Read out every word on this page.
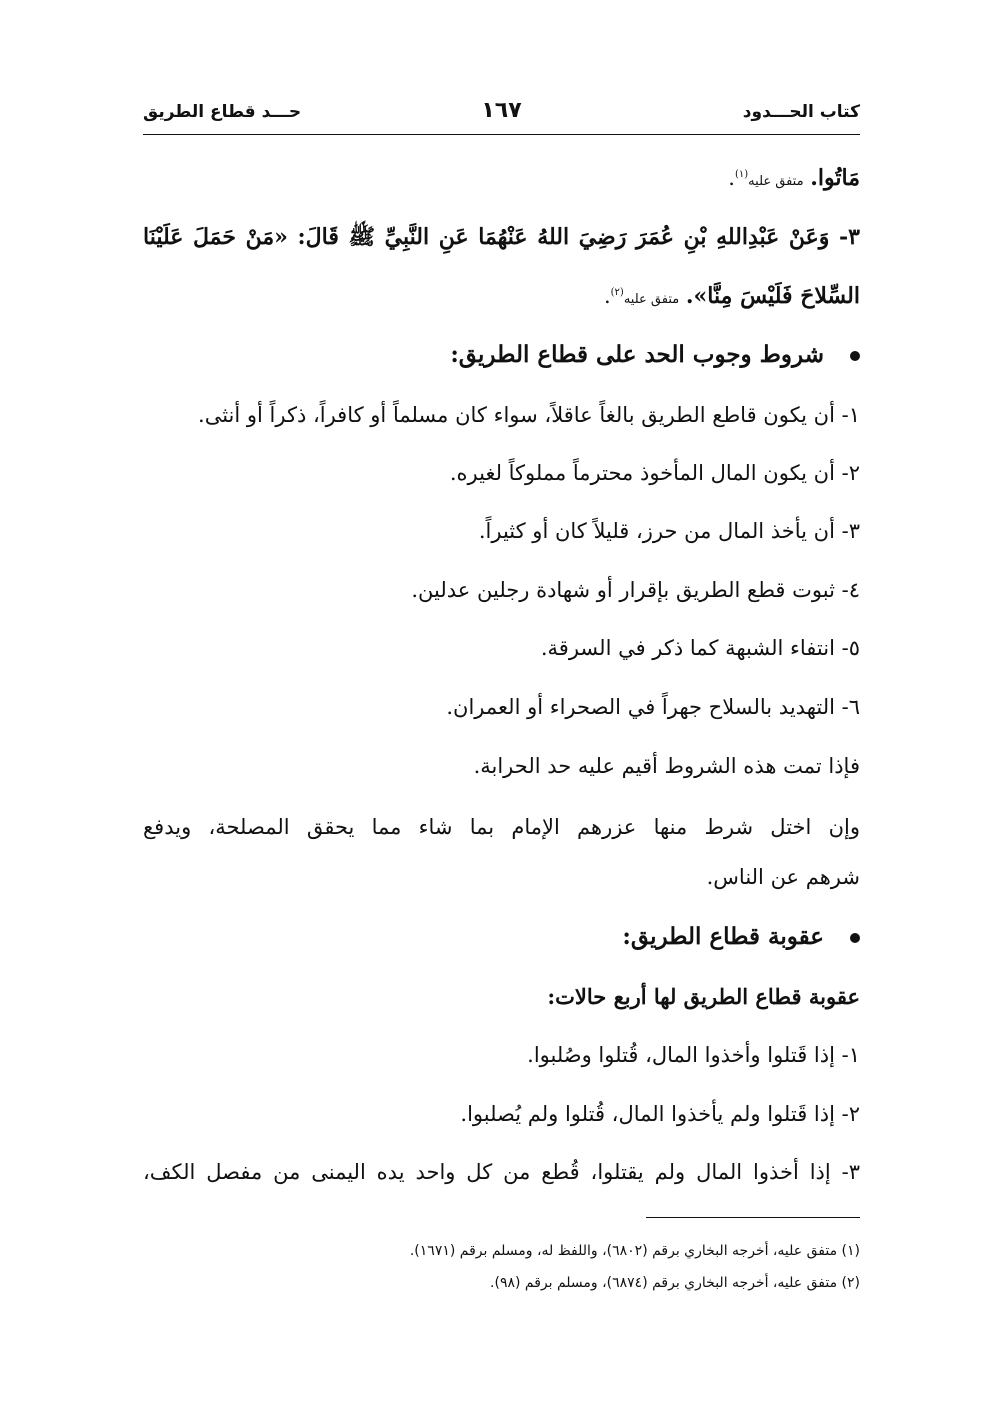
كتاب الحـــدود
١٦٧
حـــد قطاع الطريق
مَاتُوا. متفق عليه$^{(١)}$.
٣- وَعَنْ عَبْدِاللهِ بْنِ عُمَرَ رَضِيَ اللهُ عَنْهُمَا عَنِ النَّبِيِّ ﷺ قَالَ: «مَنْ حَمَلَ عَلَيْنَا
السِّلاحَ فَلَيْسَ مِنَّا». متفق عليه$^{(٢)}$.
شروط وجوب الحد على قطاع الطريق:
١- أن يكون قاطع الطريق بالغاً عاقلاً، سواء كان مسلماً أو كافراً، ذكراً أو أنثى.
٢- أن يكون المال المأخوذ محترماً مملوكاً لغيره.
٣- أن يأخذ المال من حرز، قليلاً كان أو كثيراً.
٤- ثبوت قطع الطريق بإقرار أو شهادة رجلين عدلين.
٥- انتفاء الشبهة كما ذكر في السرقة.
٦- التهديد بالسلاح جهراً في الصحراء أو العمران.
فإذا تمت هذه الشروط أقيم عليه حد الحرابة.
وإن اختل شرط منها عزرهم الإمام بما شاء مما يحقق المصلحة، ويدفع
شرهم عن الناس.
عقوبة قطاع الطريق:
عقوبة قطاع الطريق لها أربع حالات:
١- إذا قَتلوا وأخذوا المال، قُتلوا وصُلبوا.
٢- إذا قَتلوا ولم يأخذوا المال، قُتلوا ولم يُصلبوا.
٣- إذا أخذوا المال ولم يقتلوا، قُطع من كل واحد يده اليمنى من مفصل الكف،
(١) متفق عليه، أخرجه البخاري برقم (٦٨٠٢)، واللفظ له، ومسلم برقم (١٦٧١).
(٢) متفق عليه، أخرجه البخاري برقم (٦٨٧٤)، ومسلم برقم (٩٨).
